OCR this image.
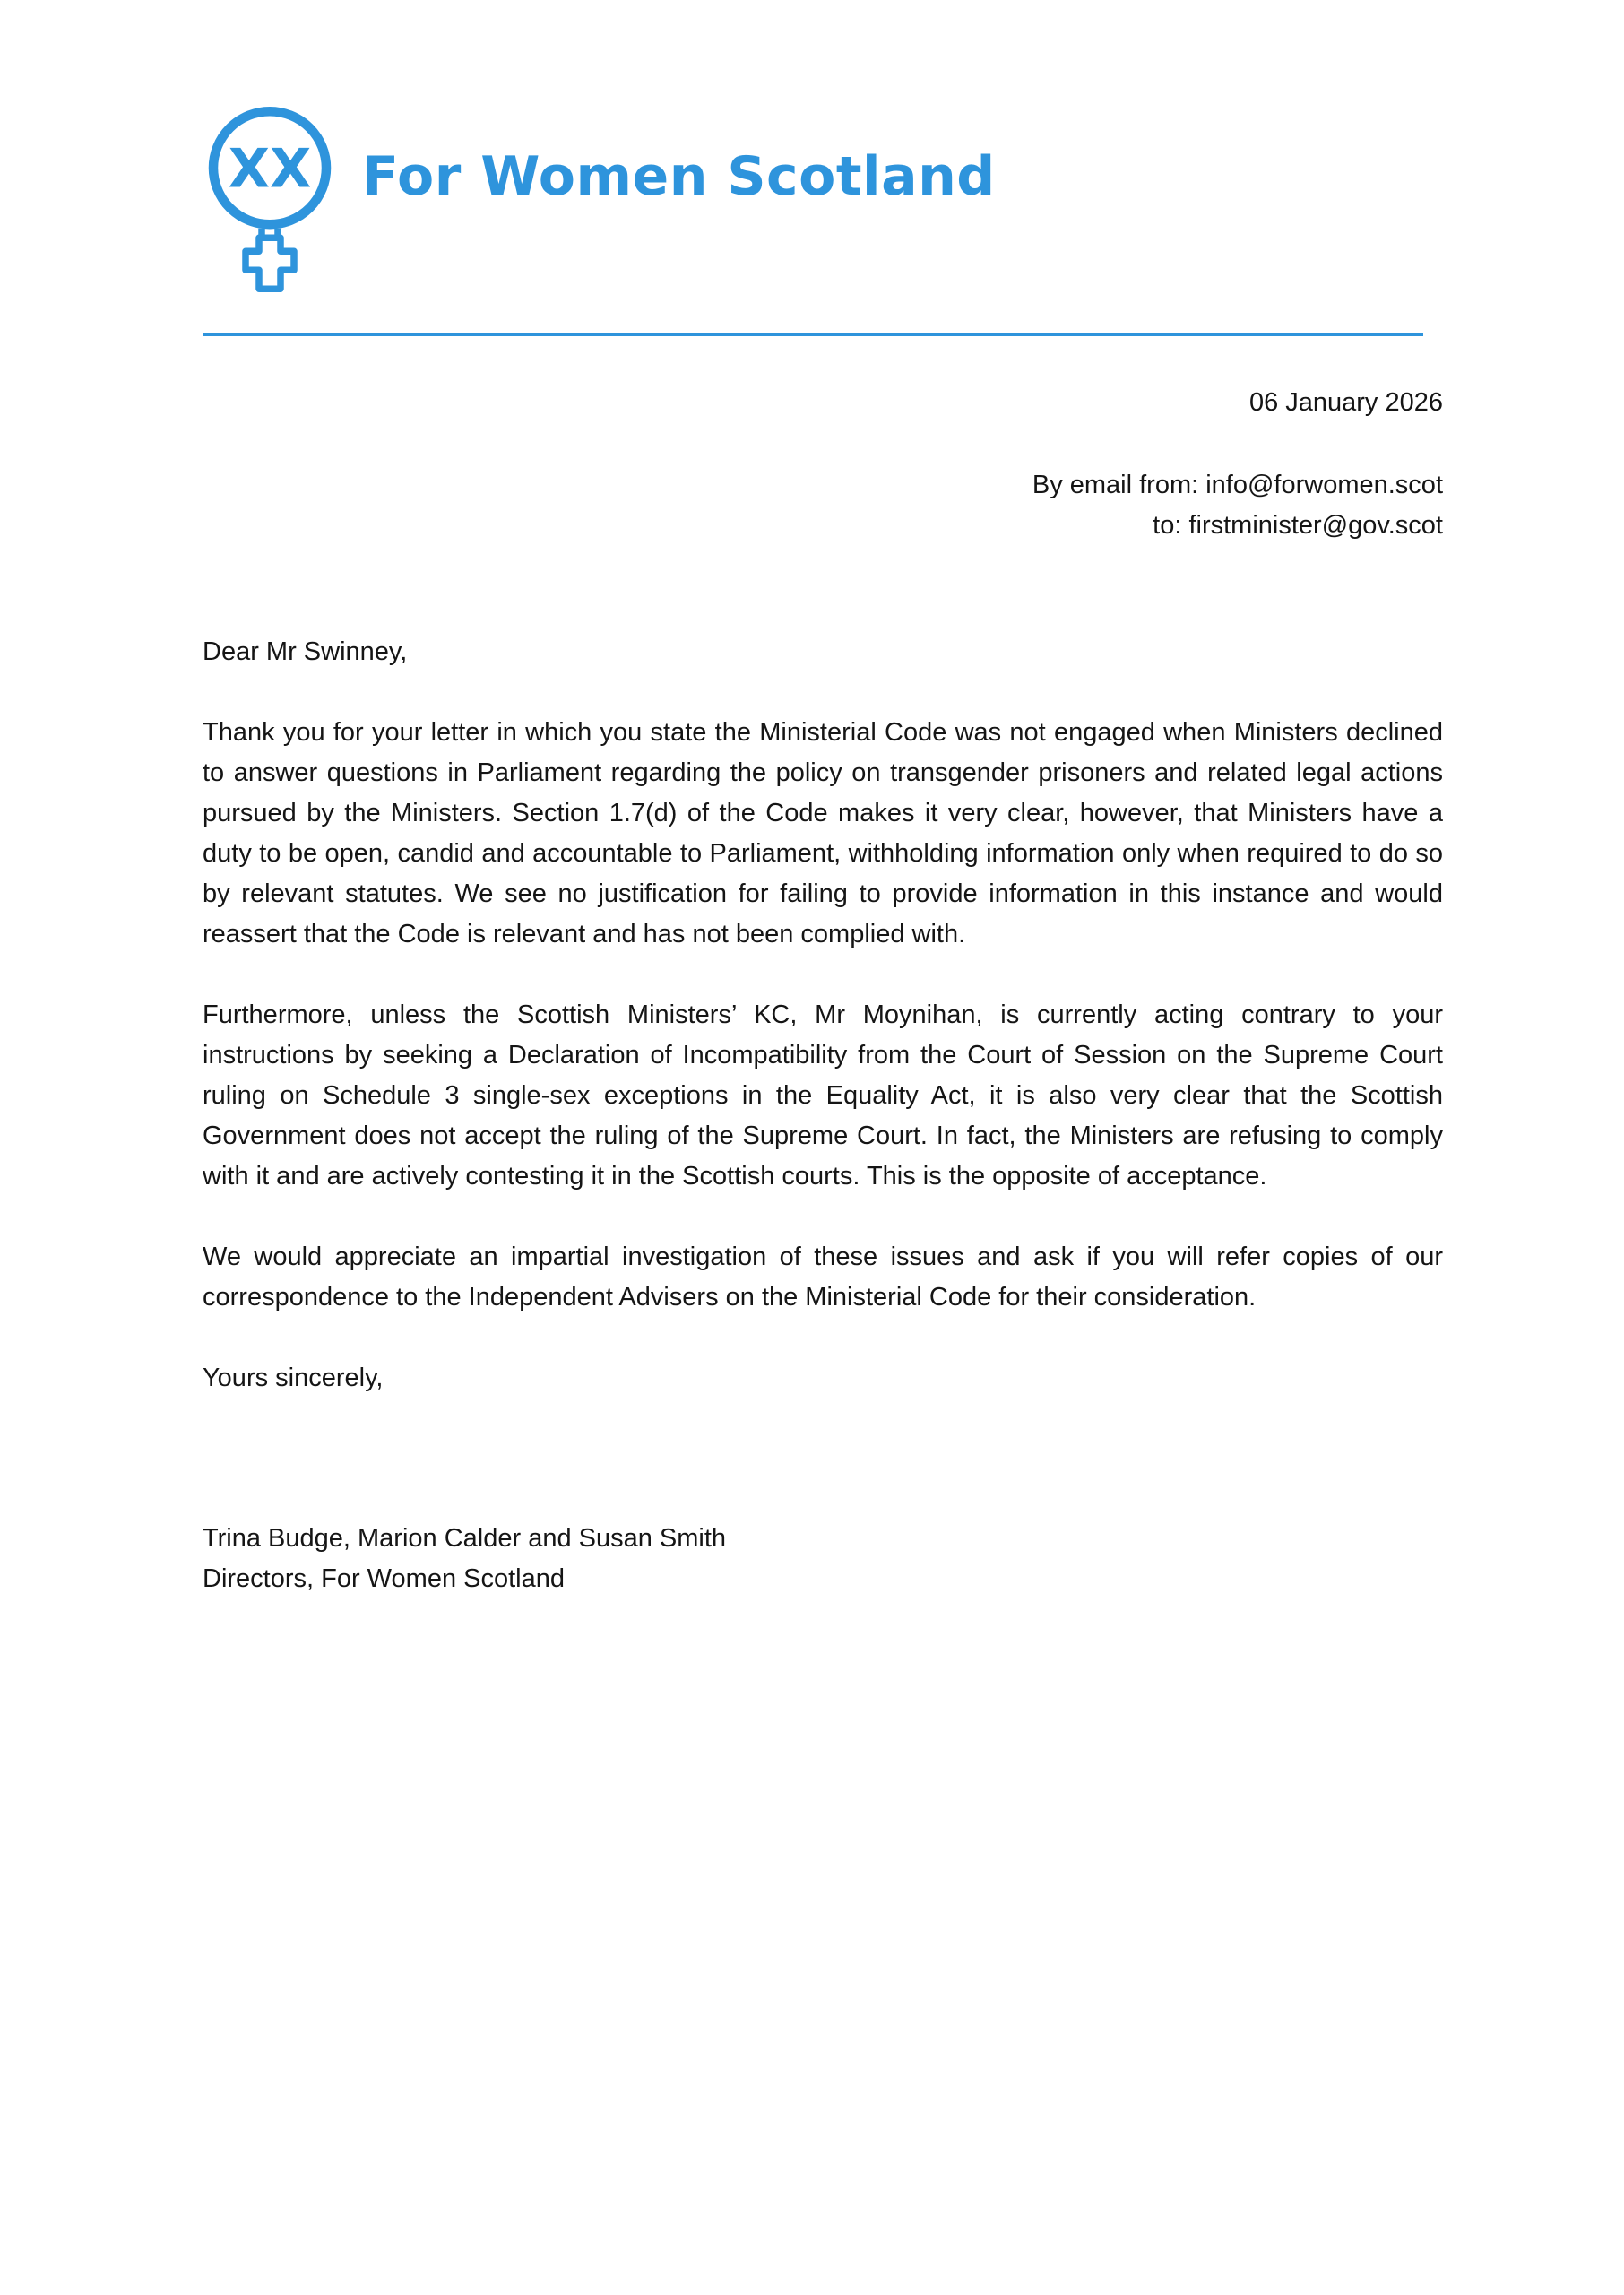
XX For Women Scotland
06 January 2026
By email from: info@forwomen.scot
to: firstminister@gov.scot

Dear Mr Swinney,

Thank you for your letter in which you state the Ministerial Code was not engaged when Ministers declined to answer questions in Parliament regarding the policy on transgender prisoners and related legal actions pursued by the Ministers. Section 1.7(d) of the Code makes it very clear, however, that Ministers have a duty to be open, candid and accountable to Parliament, withholding information only when required to do so by relevant statutes. We see no justification for failing to provide information in this instance and would reassert that the Code is relevant and has not been complied with.

Furthermore, unless the Scottish Ministers’ KC, Mr Moynihan, is currently acting contrary to your instructions by seeking a Declaration of Incompatibility from the Court of Session on the Supreme Court ruling on Schedule 3 single-sex exceptions in the Equality Act, it is also very clear that the Scottish Government does not accept the ruling of the Supreme Court. In fact, the Ministers are refusing to comply with it and are actively contesting it in the Scottish courts. This is the opposite of acceptance.

We would appreciate an impartial investigation of these issues and ask if you will refer copies of our correspondence to the Independent Advisers on the Ministerial Code for their consideration.

Yours sincerely,

Trina Budge, Marion Calder and Susan Smith
Directors, For Women Scotland
